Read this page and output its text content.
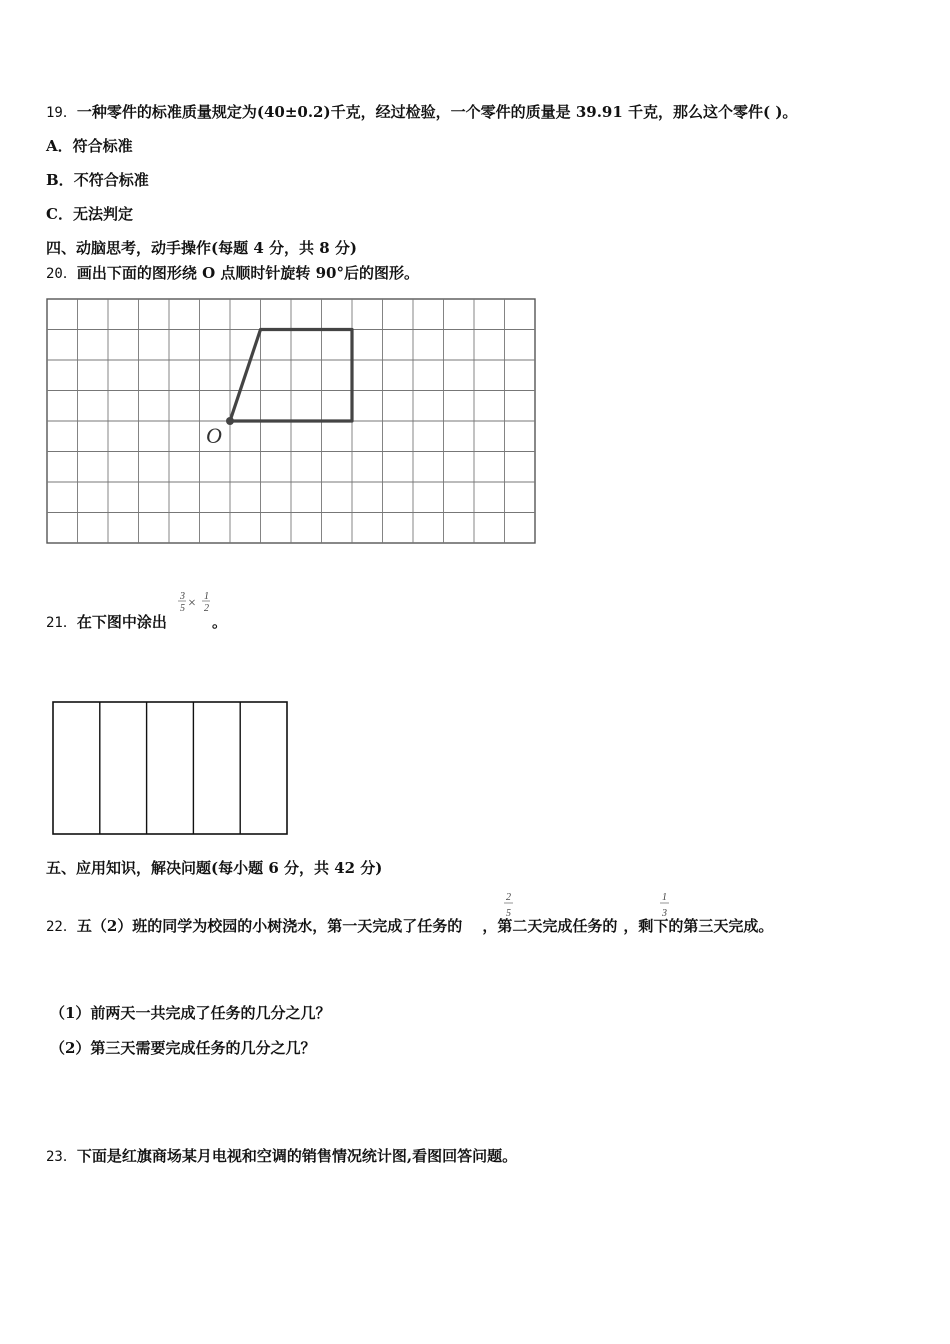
19．一种零件的标准质量规定为(40±0.2)千克，经过检验，一个零件的质量是 39.91 千克，那么这个零件( )。
A．符合标准
B．不符合标准
C．无法判定
四、动脑思考，动手操作(每题 4 分，共 8 分)
20．画出下面的图形绕 O 点顺时针旋转 90°后的图形。
O
21．在下图中涂出
3
5 × 1
2
。
五、应用知识，解决问题(每小题 6 分，共 42 分)
22．五（2）班的同学为校园的小树浇水，第一天完成了任务的 ，第二天完成任务的 ，剩下的第三天完成。
2
5
1
3
（1）前两天一共完成了任务的几分之几？
（2）第三天需要完成任务的几分之几？
23．下面是红旗商场某月电视和空调的销售情况统计图,看图回答问题。
